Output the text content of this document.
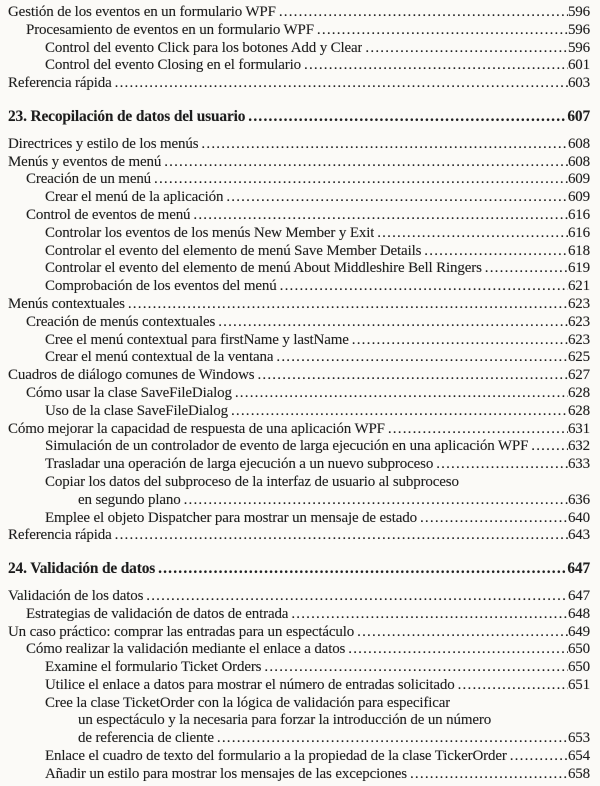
Gestión de los eventos en un formulario WPF .....	596
Procesamiento de eventos en un formulario WPF .....	596
Control del evento Click para los botones Add y Clear .....	596
Control del evento Closing en el formulario .....	601
Referencia rápida .....	603
23. Recopilación de datos del usuario .....	607
Directrices y estilo de los menús .....	608
Menús y eventos de menú .....	608
Creación de un menú .....	609
Crear el menú de la aplicación .....	609
Control de eventos de menú .....	616
Controlar los eventos de los menús New Member y Exit .....	616
Controlar el evento del elemento de menú Save Member Details .....	618
Controlar el evento del elemento de menú About Middleshire Bell Ringers .....	619
Comprobación de los eventos del menú .....	621
Menús contextuales .....	623
Creación de menús contextuales .....	623
Cree el menú contextual para firstName y lastName .....	623
Crear el menú contextual de la ventana .....	625
Cuadros de diálogo comunes de Windows .....	627
Cómo usar la clase SaveFileDialog .....	628
Uso de la clase SaveFileDialog .....	628
Cómo mejorar la capacidad de respuesta de una aplicación WPF .....	631
Simulación de un controlador de evento de larga ejecución en una aplicación WPF .....	632
Trasladar una operación de larga ejecución a un nuevo subproceso .....	633
Copiar los datos del subproceso de la interfaz de usuario al subproceso
en segundo plano .....	636
Emplee el objeto Dispatcher para mostrar un mensaje de estado .....	640
Referencia rápida .....	643
24. Validación de datos .....	647
Validación de los datos .....	647
Estrategias de validación de datos de entrada .....	648
Un caso práctico: comprar las entradas para un espectáculo .....	649
Cómo realizar la validación mediante el enlace a datos .....	650
Examine el formulario Ticket Orders .....	650
Utilice el enlace a datos para mostrar el número de entradas solicitado .....	651
Cree la clase TicketOrder con la lógica de validación para especificar
un espectáculo y la necesaria para forzar la introducción de un número
de referencia de cliente .....	653
Enlace el cuadro de texto del formulario a la propiedad de la clase TickerOrder .....	654
Añadir un estilo para mostrar los mensajes de las excepciones .....	658
